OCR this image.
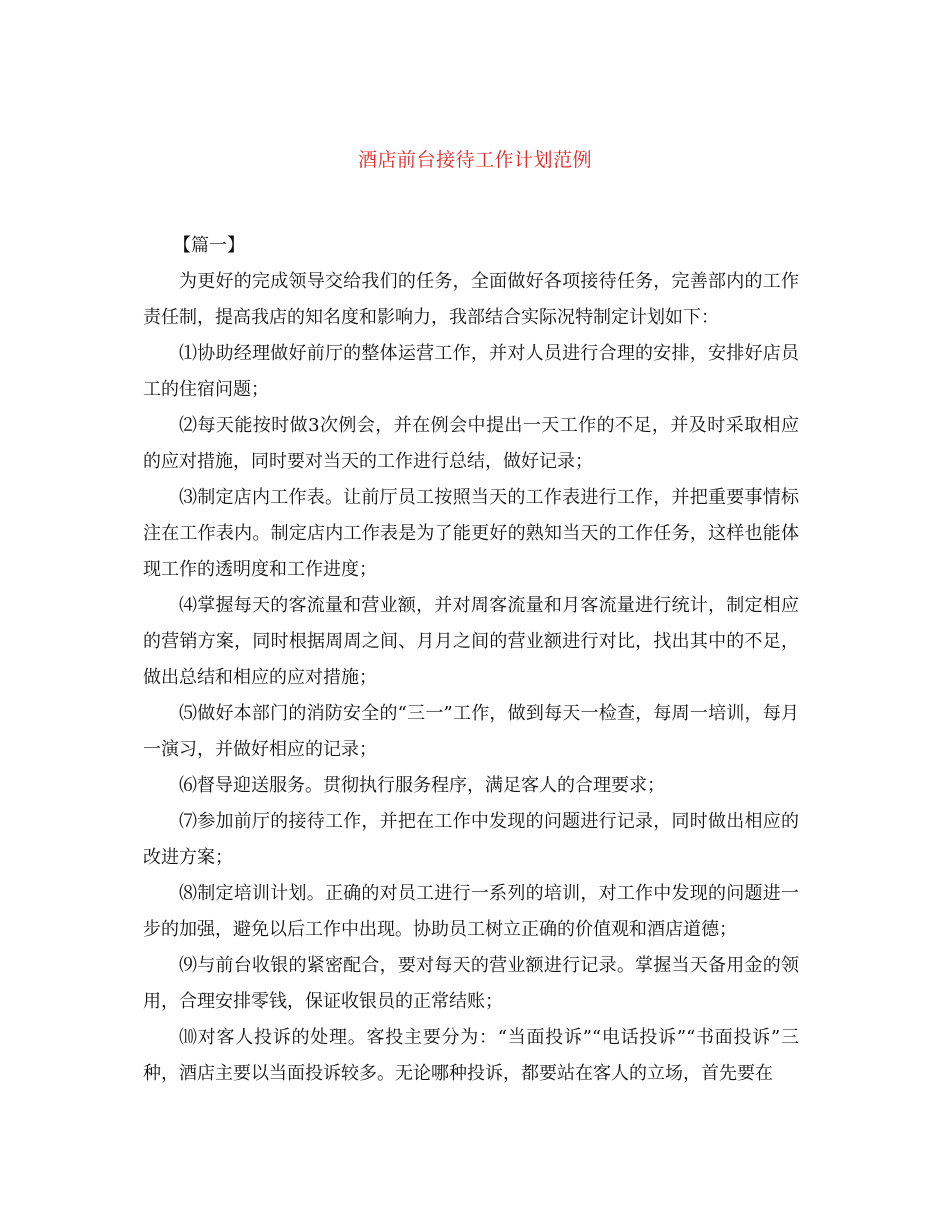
酒店前台接待工作计划范例

【篇一】

为更好的完成领导交给我们的任务，全面做好各项接待任务，完善部内的工作责任制，提高我店的知名度和影响力，我部结合实际况特制定计划如下：

⑴协助经理做好前厅的整体运营工作，并对人员进行合理的安排，安排好店员工的住宿问题；

⑵每天能按时做3次例会，并在例会中提出一天工作的不足，并及时采取相应的应对措施，同时要对当天的工作进行总结，做好记录；

⑶制定店内工作表。让前厅员工按照当天的工作表进行工作，并把重要事情标注在工作表内。制定店内工作表是为了能更好的熟知当天的工作任务，这样也能体现工作的透明度和工作进度；

⑷掌握每天的客流量和营业额，并对周客流量和月客流量进行统计，制定相应的营销方案，同时根据周周之间、月月之间的营业额进行对比，找出其中的不足，做出总结和相应的应对措施；

⑸做好本部门的消防安全的“三一”工作，做到每天一检查，每周一培训，每月一演习，并做好相应的记录；

⑹督导迎送服务。贯彻执行服务程序，满足客人的合理要求；

⑺参加前厅的接待工作，并把在工作中发现的问题进行记录，同时做出相应的改进方案；

⑻制定培训计划。正确的对员工进行一系列的培训，对工作中发现的问题进一步的加强，避免以后工作中出现。协助员工树立正确的价值观和酒店道德；

⑼与前台收银的紧密配合，要对每天的营业额进行记录。掌握当天备用金的领用，合理安排零钱，保证收银员的正常结账；

⑽对客人投诉的处理。客投主要分为：“当面投诉”“电话投诉”“书面投诉”三种，酒店主要以当面投诉较多。无论哪种投诉，都要站在客人的立场，首先要在
